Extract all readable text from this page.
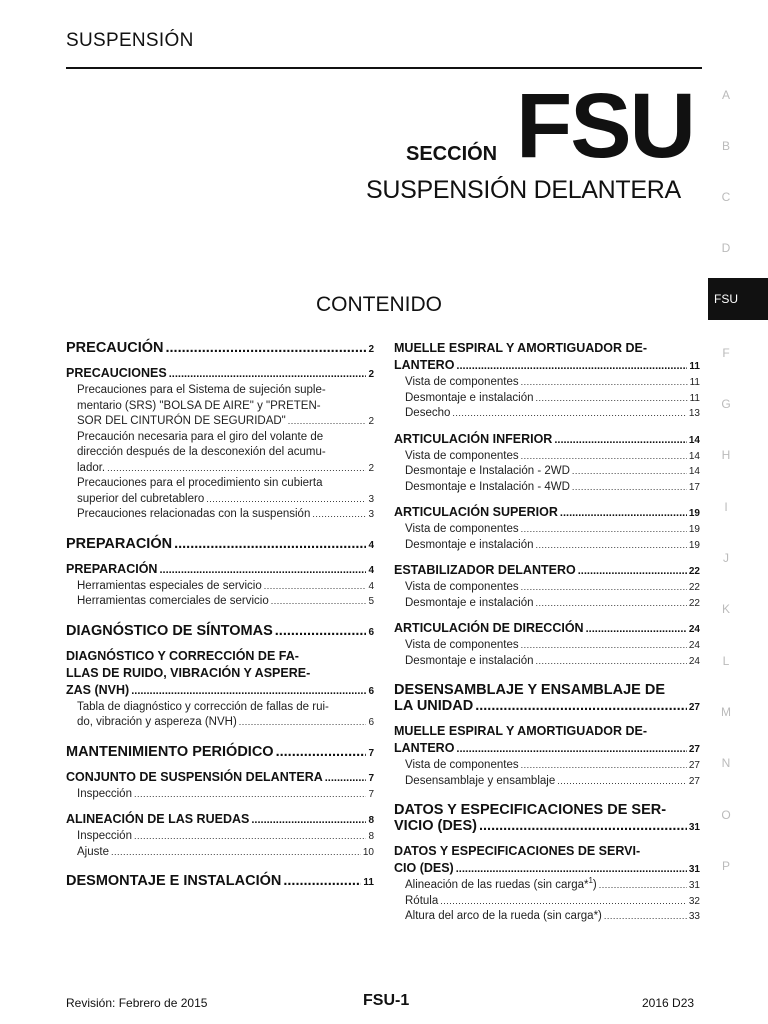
SUSPENSIÓN
SECCIÓN FSU
SUSPENSIÓN DELANTERA
CONTENIDO
A
B
C
D
F
G
H
I
J
K
L
M
N
O
P
FSU
PRECAUCIÓN .....	2
PRECAUCIONES .....	2
Precauciones para el Sistema de sujeción suple-
mentario (SRS) "BOLSA DE AIRE" y "PRETEN-
SOR DEL CINTURÓN DE SEGURIDAD" .....	2
Precaución necesaria para el giro del volante de
dirección después de la desconexión del acumu-
lador. .....	2
Precauciones para el procedimiento sin cubierta
superior del cubretablero .....	3
Precauciones relacionadas con la suspensión .....	3
PREPARACIÓN .....	4
PREPARACIÓN .....	4
Herramientas especiales de servicio .....	4
Herramientas comerciales de servicio .....	5
DIAGNÓSTICO DE SÍNTOMAS .....	6
DIAGNÓSTICO Y CORRECCIÓN DE FA-
LLAS DE RUIDO, VIBRACIÓN Y ASPERE-
ZAS (NVH) .....	6
Tabla de diagnóstico y corrección de fallas de rui-
do, vibración y aspereza (NVH) .....	6
MANTENIMIENTO PERIÓDICO .....	7
CONJUNTO DE SUSPENSIÓN DELANTERA .....	7
Inspección .....	7
ALINEACIÓN DE LAS RUEDAS .....	8
Inspección .....	8
Ajuste .....	10
DESMONTAJE E INSTALACIÓN .....	11
MUELLE ESPIRAL Y AMORTIGUADOR DE-
LANTERO .....	11
Vista de componentes .....	11
Desmontaje e instalación .....	11
Desecho .....	13
ARTICULACIÓN INFERIOR .....	14
Vista de componentes .....	14
Desmontaje e Instalación - 2WD .....	14
Desmontaje e Instalación - 4WD .....	17
ARTICULACIÓN SUPERIOR .....	19
Vista de componentes .....	19
Desmontaje e instalación .....	19
ESTABILIZADOR DELANTERO .....	22
Vista de componentes .....	22
Desmontaje e instalación .....	22
ARTICULACIÓN DE DIRECCIÓN .....	24
Vista de componentes .....	24
Desmontaje e instalación .....	24
DESENSAMBLAJE Y ENSAMBLAJE DE
LA UNIDAD .....	27
MUELLE ESPIRAL Y AMORTIGUADOR DE-
LANTERO .....	27
Vista de componentes .....	27
Desensamblaje y ensamblaje .....	27
DATOS Y ESPECIFICACIONES DE SER-
VICIO (DES) .....	31
DATOS Y ESPECIFICACIONES DE SERVI-
CIO (DES) .....	31
Alineación de las ruedas (sin carga*$^1$) .....	31
Rótula .....	32
Altura del arco de la rueda (sin carga*) .....	33
Revisión: Febrero de 2015	FSU-1	2016 D23
